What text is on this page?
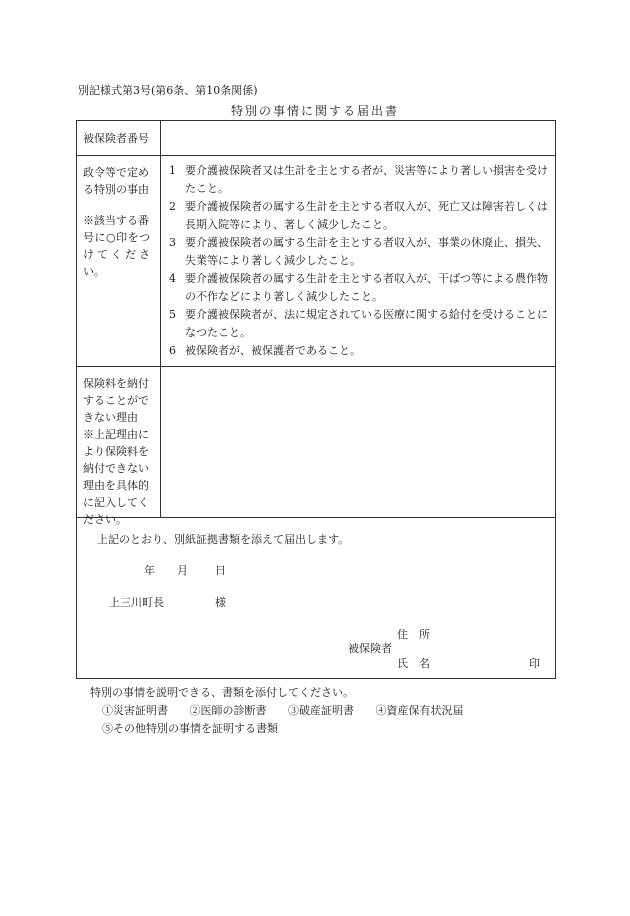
別記様式第3号(第6条、第10条関係)
特別の事情に関する届出書
被保険者番号
政令等で定め
る特別の事由
※該当する番
号に○印をつ
けてくださ
い。
1 要介護被保険者又は生計を主とする者が、災害等により著しい損害を受けたこと。
2 要介護被保険者の属する生計を主とする者収入が、死亡又は障害若しくは長期入院等により、著しく減少したこと。
3 要介護被保険者の属する生計を主とする者収入が、事業の休廃止、損失、失業等により著しく減少したこと。
4 要介護被保険者の属する生計を主とする者収入が、干ばつ等による農作物の不作などにより著しく減少したこと。
5 要介護被保険者が、法に規定されている医療に関する給付を受けることになつたこと。
6 被保険者が、被保護者であること。
保険料を納付
することがで
きない理由
※上記理由に
より保険料を
納付できない
理由を具体的
に記入してく
ださい。
上記のとおり、別紙証拠書類を添えて届出します。
年 月 日
上三川町長	様
住　所
被保険者
氏　名	印
特別の事情を説明できる、書類を添付してください。
①災害証明書 ②医師の診断書 ③破産証明書 ④資産保有状況届
⑤その他特別の事情を証明する書類
